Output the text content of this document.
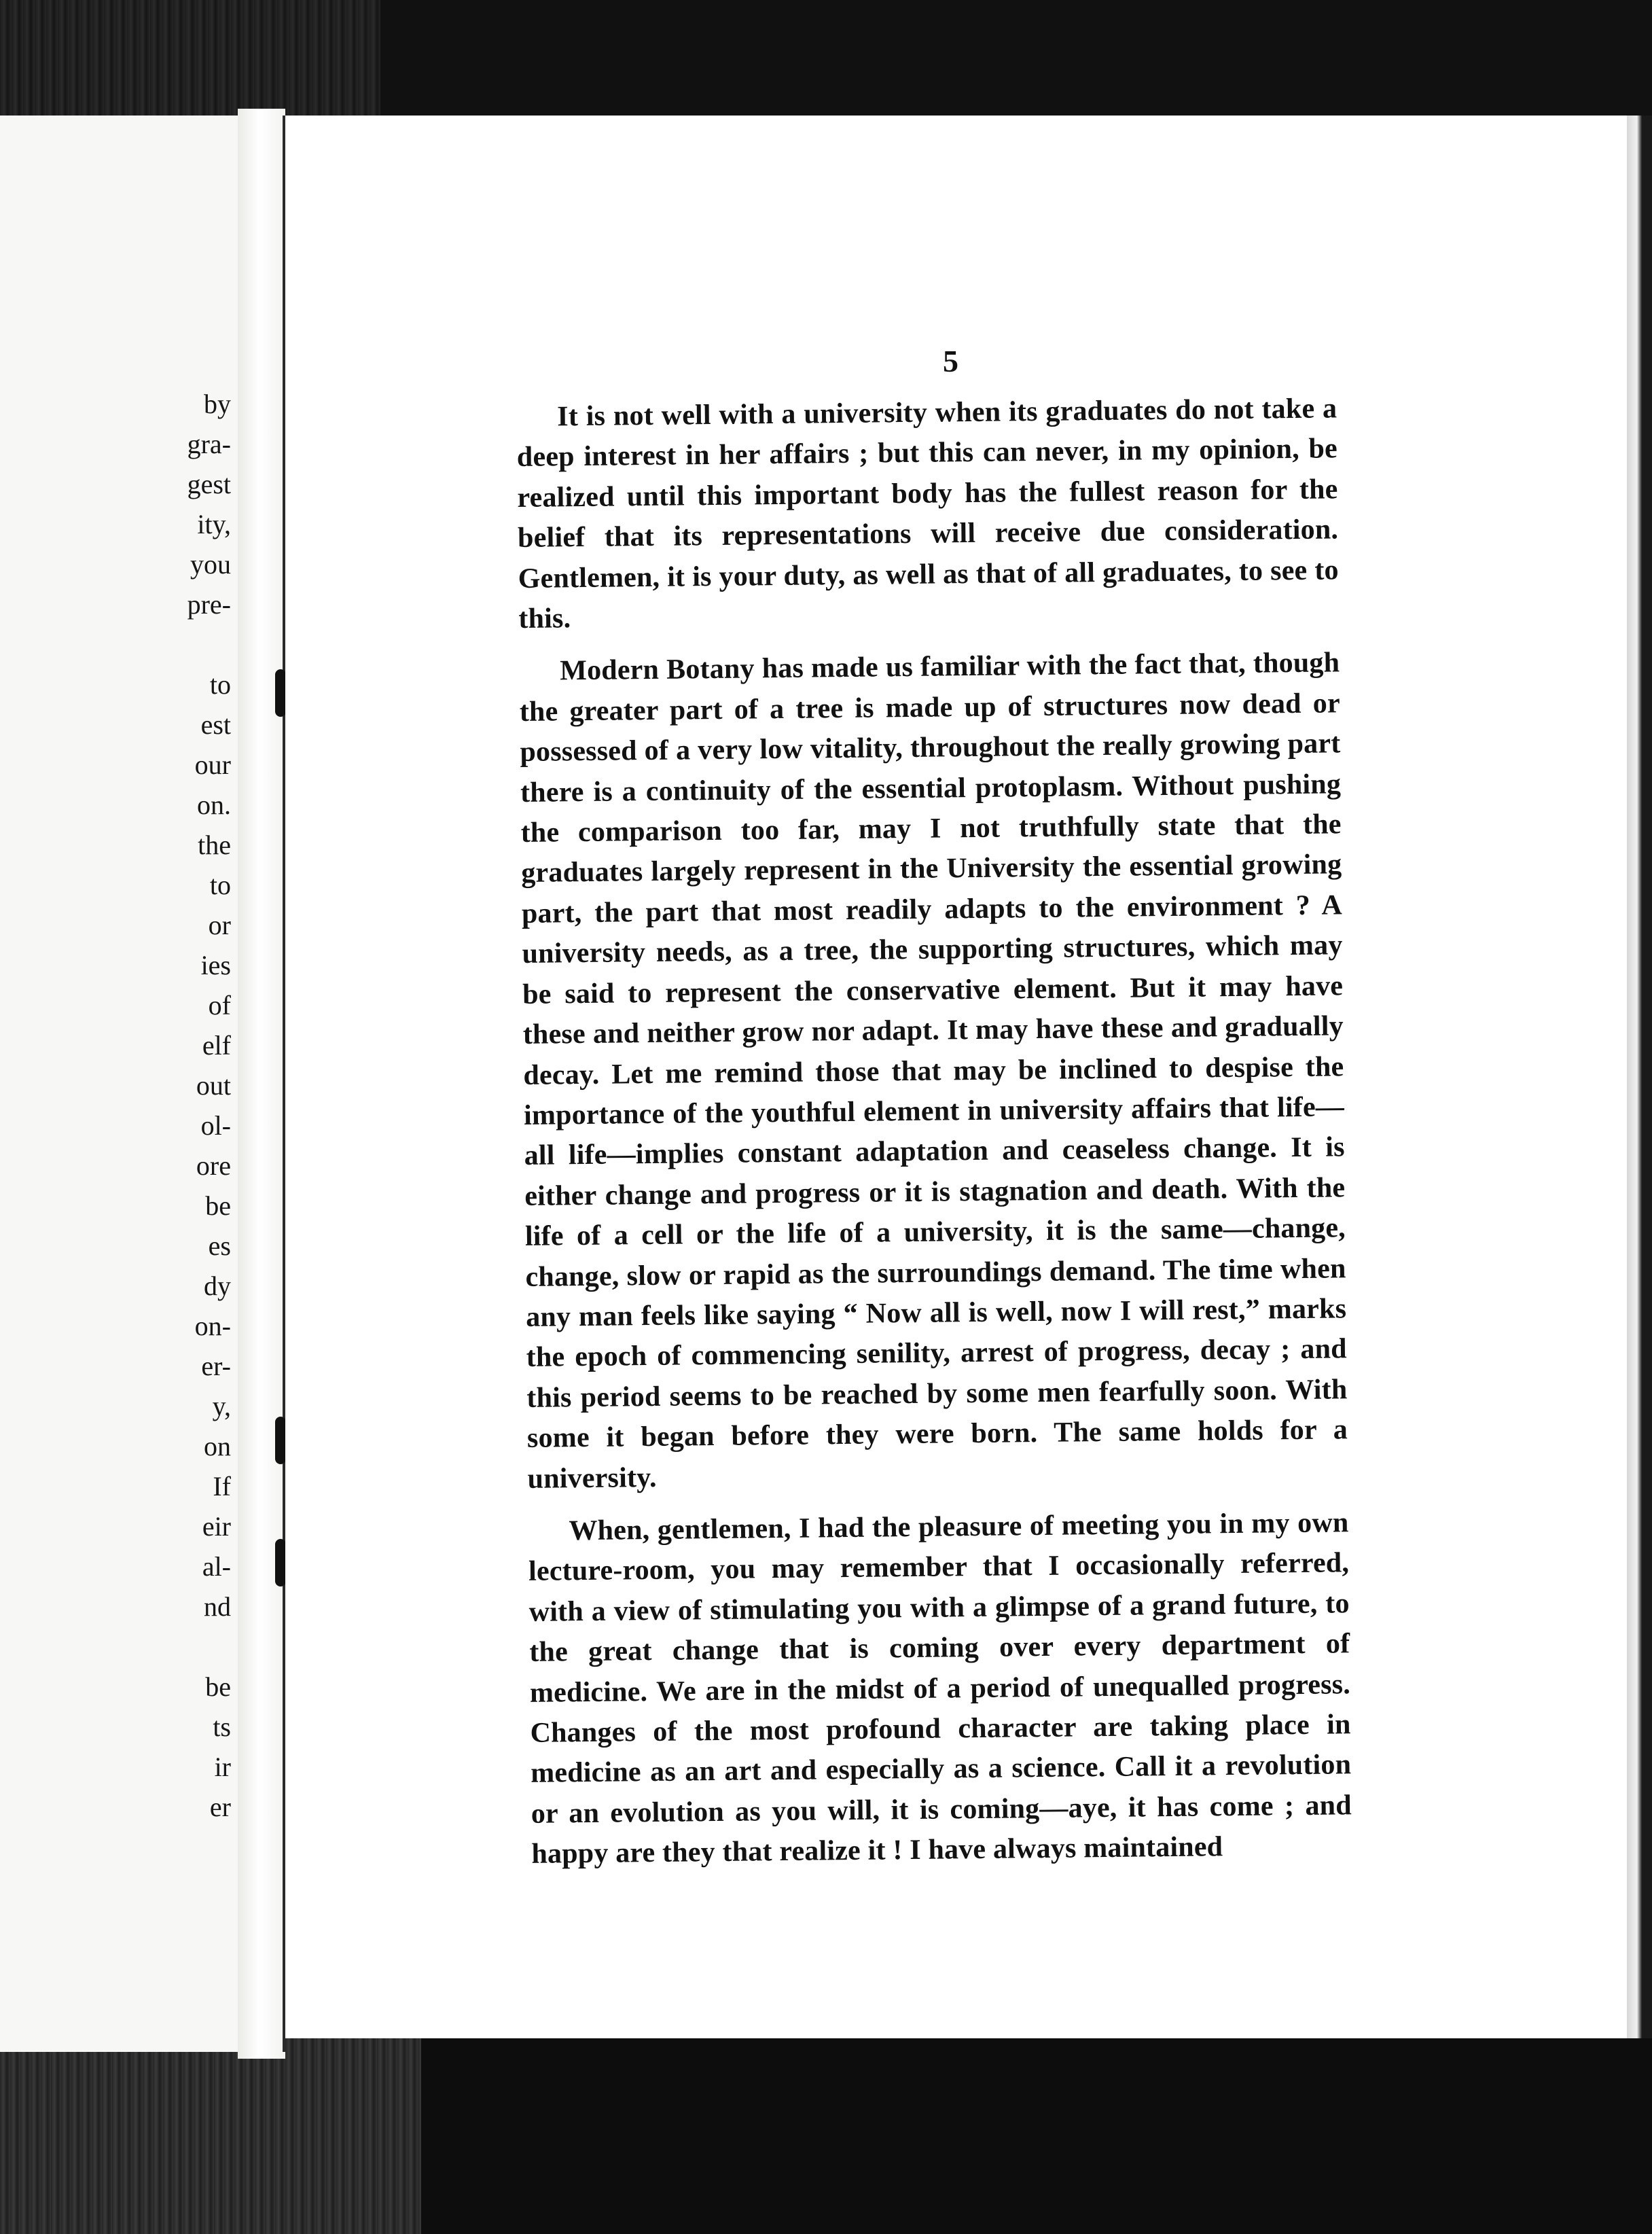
by
gra-
gest
ity,
you
pre-
to
est
our
on.
the
to
or
ies
of
elf
out
ol-
ore
be
es
dy
on-
er-
y,
on
If
eir
al-
nd
be
ts
ir
er
5

It is not well with a university when its graduates do not take a deep interest in her affairs ; but this can never, in my opinion, be realized until this important body has the fullest reason for the belief that its representations will receive due consideration. Gentlemen, it is your duty, as well as that of all graduates, to see to this.

Modern Botany has made us familiar with the fact that, though the greater part of a tree is made up of structures now dead or possessed of a very low vitality, throughout the really growing part there is a continuity of the essential protoplasm. Without pushing the comparison too far, may I not truthfully state that the graduates largely represent in the University the essential growing part, the part that most readily adapts to the environment ? A university needs, as a tree, the supporting structures, which may be said to represent the conservative element. But it may have these and neither grow nor adapt. It may have these and gradually decay. Let me remind those that may be inclined to despise the importance of the youthful element in university affairs that life—all life—implies constant adaptation and ceaseless change. It is either change and progress or it is stagnation and death. With the life of a cell or the life of a university, it is the same—change, change, slow or rapid as the surroundings demand. The time when any man feels like saying “ Now all is well, now I will rest,” marks the epoch of commencing senility, arrest of progress, decay ; and this period seems to be reached by some men fearfully soon. With some it began before they were born. The same holds for a university.

When, gentlemen, I had the pleasure of meeting you in my own lecture-room, you may remember that I occasionally referred, with a view of stimulating you with a glimpse of a grand future, to the great change that is coming over every department of medicine. We are in the midst of a period of unequalled progress. Changes of the most profound character are taking place in medicine as an art and especially as a science. Call it a revolution or an evolution as you will, it is coming—aye, it has come ; and happy are they that realize it ! I have always maintained
